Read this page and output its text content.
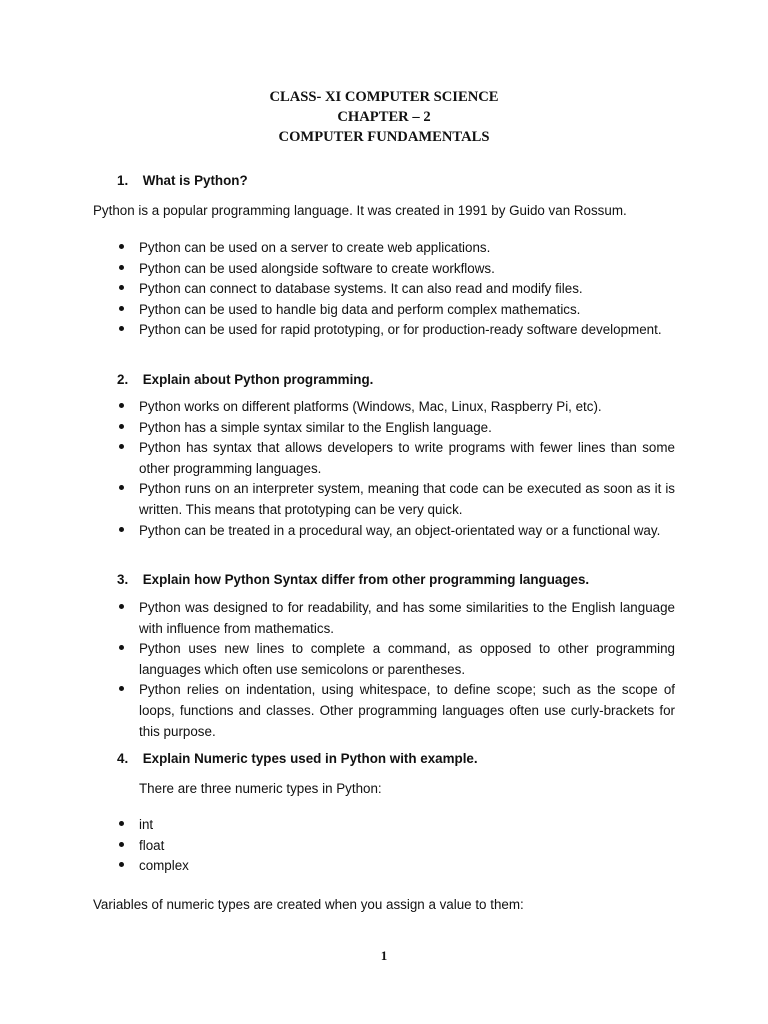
CLASS- XI COMPUTER SCIENCE
CHAPTER – 2
COMPUTER FUNDAMENTALS
1. What is Python?
Python is a popular programming language. It was created in 1991 by Guido van Rossum.
Python can be used on a server to create web applications.
Python can be used alongside software to create workflows.
Python can connect to database systems. It can also read and modify files.
Python can be used to handle big data and perform complex mathematics.
Python can be used for rapid prototyping, or for production-ready software development.
2. Explain about Python programming.
Python works on different platforms (Windows, Mac, Linux, Raspberry Pi, etc).
Python has a simple syntax similar to the English language.
Python has syntax that allows developers to write programs with fewer lines than some other programming languages.
Python runs on an interpreter system, meaning that code can be executed as soon as it is written. This means that prototyping can be very quick.
Python can be treated in a procedural way, an object-orientated way or a functional way.
3. Explain how Python Syntax differ from other programming languages.
Python was designed to for readability, and has some similarities to the English language with influence from mathematics.
Python uses new lines to complete a command, as opposed to other programming languages which often use semicolons or parentheses.
Python relies on indentation, using whitespace, to define scope; such as the scope of loops, functions and classes. Other programming languages often use curly-brackets for this purpose.
4. Explain Numeric types used in Python with example.
There are three numeric types in Python:
int
float
complex
Variables of numeric types are created when you assign a value to them:
1
